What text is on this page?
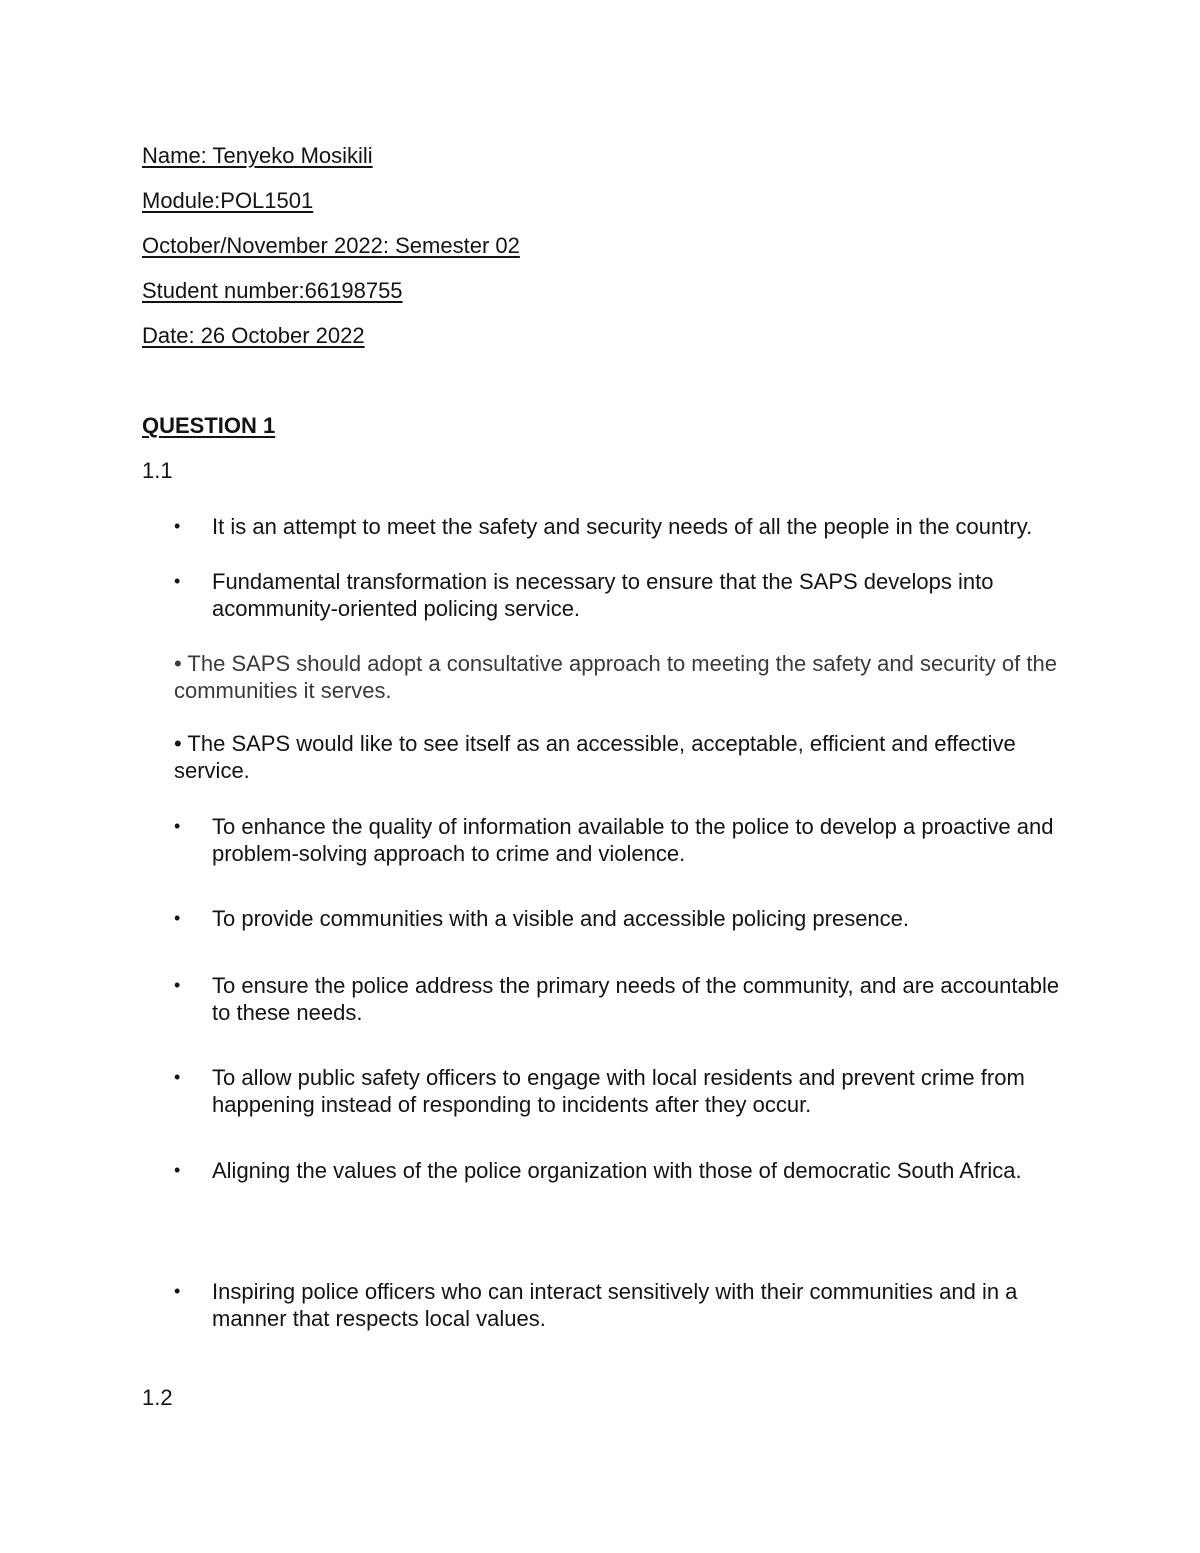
Name: Tenyeko Mosikili
Module:POL1501
October/November 2022: Semester 02
Student number:66198755
Date: 26 October 2022
QUESTION 1
1.1
•	It is an attempt to meet the safety and security needs of all the people in the country.
•	Fundamental transformation is necessary to ensure that the SAPS develops into acommunity-oriented policing service.
• The SAPS should adopt a consultative approach to meeting the safety and security of the communities it serves.
• The SAPS would like to see itself as an accessible, acceptable, efficient and effective service.
•	To enhance the quality of information available to the police to develop a proactive and problem-solving approach to crime and violence.
•	To provide communities with a visible and accessible policing presence.
•	To ensure the police address the primary needs of the community, and are accountable to these needs.
•	To allow public safety officers to engage with local residents and prevent crime from happening instead of responding to incidents after they occur.
•	Aligning the values of the police organization with those of democratic South Africa.
•	Inspiring police officers who can interact sensitively with their communities and in a manner that respects local values.
1.2
